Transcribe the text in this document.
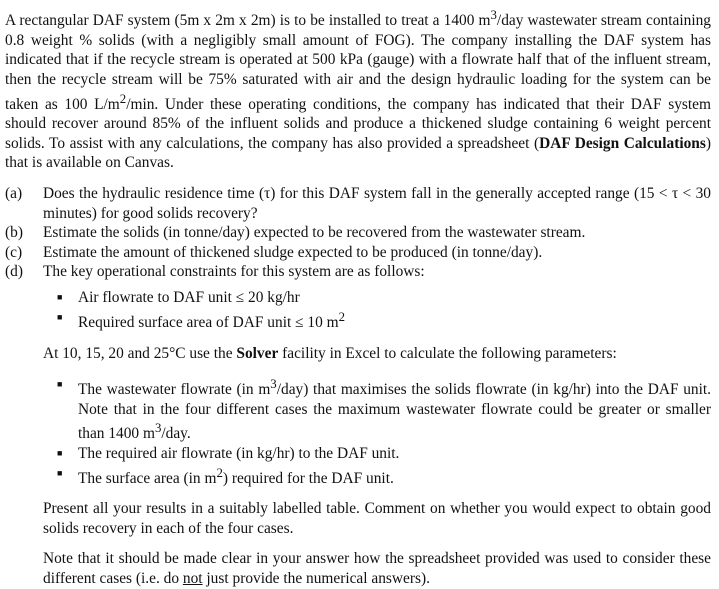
A rectangular DAF system (5m x 2m x 2m) is to be installed to treat a 1400 $m^3$/day wastewater stream containing 0.8 weight % solids (with a negligibly small amount of FOG). The company installing the DAF system has indicated that if the recycle stream is operated at 500 kPa (gauge) with a flowrate half that of the influent stream, then the recycle stream will be 75% saturated with air and the design hydraulic loading for the system can be taken as 100 $L/m^2/\min$. Under these operating conditions, the company has indicated that their DAF system should recover around 85% of the influent solids and produce a thickened sludge containing 6 weight percent solids. To assist with any calculations, the company has also provided a spreadsheet (DAF Design Calculations) that is available on Canvas.

(a)	Does the hydraulic residence time (τ) for this DAF system fall in the generally accepted range (15 < τ < 30 minutes) for good solids recovery?
(b)	Estimate the solids (in tonne/day) expected to be recovered from the wastewater stream.
(c)	Estimate the amount of thickened sludge expected to be produced (in tonne/day).
(d)	The key operational constraints for this system are as follows:
■	Air flowrate to DAF unit ≤ 20 kg/hr
■	Required surface area of DAF unit ≤ 10 $m^2$
At 10, 15, 20 and 25°C use the Solver facility in Excel to calculate the following parameters:
■	The wastewater flowrate (in $m^3/day$) that maximises the solids flowrate (in kg/hr) into the DAF unit. Note that in the four different cases the maximum wastewater flowrate could be greater or smaller than 1400 $m^3$/day.
■	The required air flowrate (in kg/hr) to the DAF unit.
■	The surface area (in $m^2$) required for the DAF unit.
Present all your results in a suitably labelled table. Comment on whether you would expect to obtain good solids recovery in each of the four cases.
Note that it should be made clear in your answer how the spreadsheet provided was used to consider these different cases (i.e. do not just provide the numerical answers).
